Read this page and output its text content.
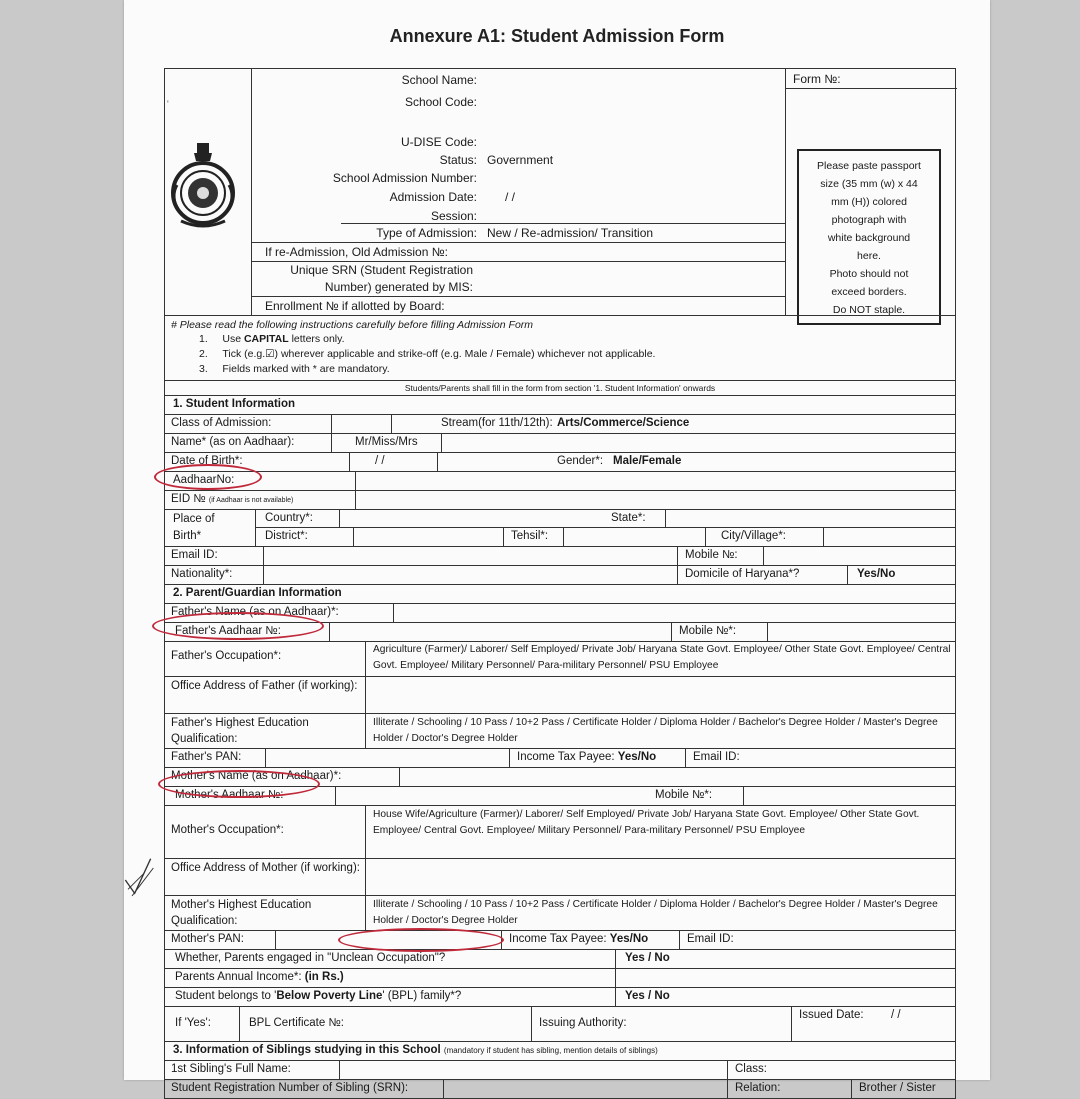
Annexure A1: Student Admission Form
'
School Name:
School Code:
U-DISE Code:
Status: Government
School Admission Number:
Admission Date: / /
Session:
Type of Admission: New / Re-admission/ Transition
If re-Admission, Old Admission №:
Unique SRN (Student Registration
Number) generated by MIS:
Enrollment № if allotted by Board:
Form №:
Please paste passport
size (35 mm (w) x 44
mm (H)) colored
photograph with
white background
here.
Photo should not
exceed borders.
Do NOT staple.
# Please read the following instructions carefully before filling Admission Form
1. Use CAPITAL letters only.
2. Tick (e.g.☑) wherever applicable and strike-off (e.g. Male / Female) whichever not applicable.
3. Fields marked with * are mandatory.
Students/Parents shall fill in the form from section '1. Student Information' onwards
1. Student Information
Class of Admission:	Stream(for 11th/12th): Arts/Commerce/Science
Name* (as on Aadhaar):	Mr/Miss/Mrs
Date of Birth*:	/ /	Gender*: Male/Female
AadhaarNo:
EID № (if Aadhaar is not available)
Place of
Birth*
Country*:	State*:
District*:	Tehsil*:	City/Village*:
Email ID:	Mobile №:
Nationality*:	Domicile of Haryana*?	Yes/No
2. Parent/Guardian Information
Father's Name (as on Aadhaar)*:
Father's Aadhaar №:	Mobile №*:
Father's Occupation*:
Agriculture (Farmer)/ Laborer/ Self Employed/ Private Job/ Haryana State Govt. Employee/ Other State Govt. Employee/ Central Govt. Employee/ Military Personnel/ Para-military Personnel/ PSU Employee
Office Address of Father (if working):
Father's Highest Education Qualification:
Illiterate / Schooling / 10 Pass / 10+2 Pass / Certificate Holder / Diploma Holder / Bachelor's Degree Holder / Master's Degree Holder / Doctor's Degree Holder
Father's PAN:	Income Tax Payee: Yes/No	Email ID:
Mother's Name (as on Aadhaar)*:
Mother's Aadhaar №:	Mobile №*:
Mother's Occupation*:
House Wife/Agriculture (Farmer)/ Laborer/ Self Employed/ Private Job/ Haryana State Govt. Employee/ Other State Govt. Employee/ Central Govt. Employee/ Military Personnel/ Para-military Personnel/ PSU Employee
Office Address of Mother (if working):
Mother's Highest Education Qualification:
Illiterate / Schooling / 10 Pass / 10+2 Pass / Certificate Holder / Diploma Holder / Bachelor's Degree Holder / Master's Degree Holder / Doctor's Degree Holder
Mother's PAN:	Income Tax Payee: Yes/No	Email ID:
Whether, Parents engaged in "Unclean Occupation"?	Yes / No
Parents Annual Income*: (in Rs.)
Student belongs to 'Below Poverty Line' (BPL) family*?	Yes / No
If 'Yes':	BPL Certificate №:	Issuing Authority:
Issued Date: / /
3. Information of Siblings studying in this School (mandatory if student has sibling, mention details of siblings)
1st Sibling's Full Name:	Class:
Student Registration Number of Sibling (SRN):	Relation:	Brother / Sister
